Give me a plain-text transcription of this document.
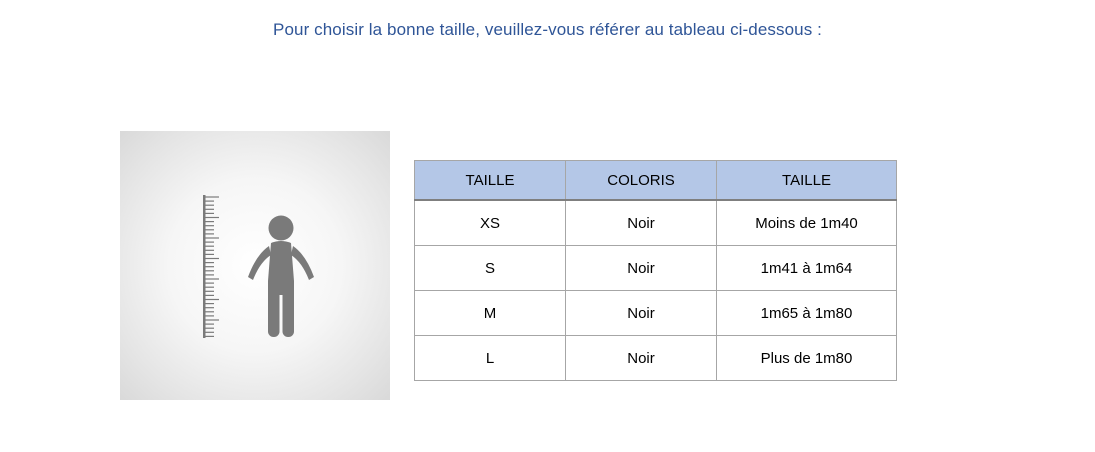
Pour choisir la bonne taille, veuillez-vous référer au tableau ci-dessous :
TAILLE	COLORIS	TAILLE
XS	Noir	Moins de 1m40
S	Noir	1m41 à 1m64
M	Noir	1m65 à 1m80
L	Noir	Plus de 1m80
